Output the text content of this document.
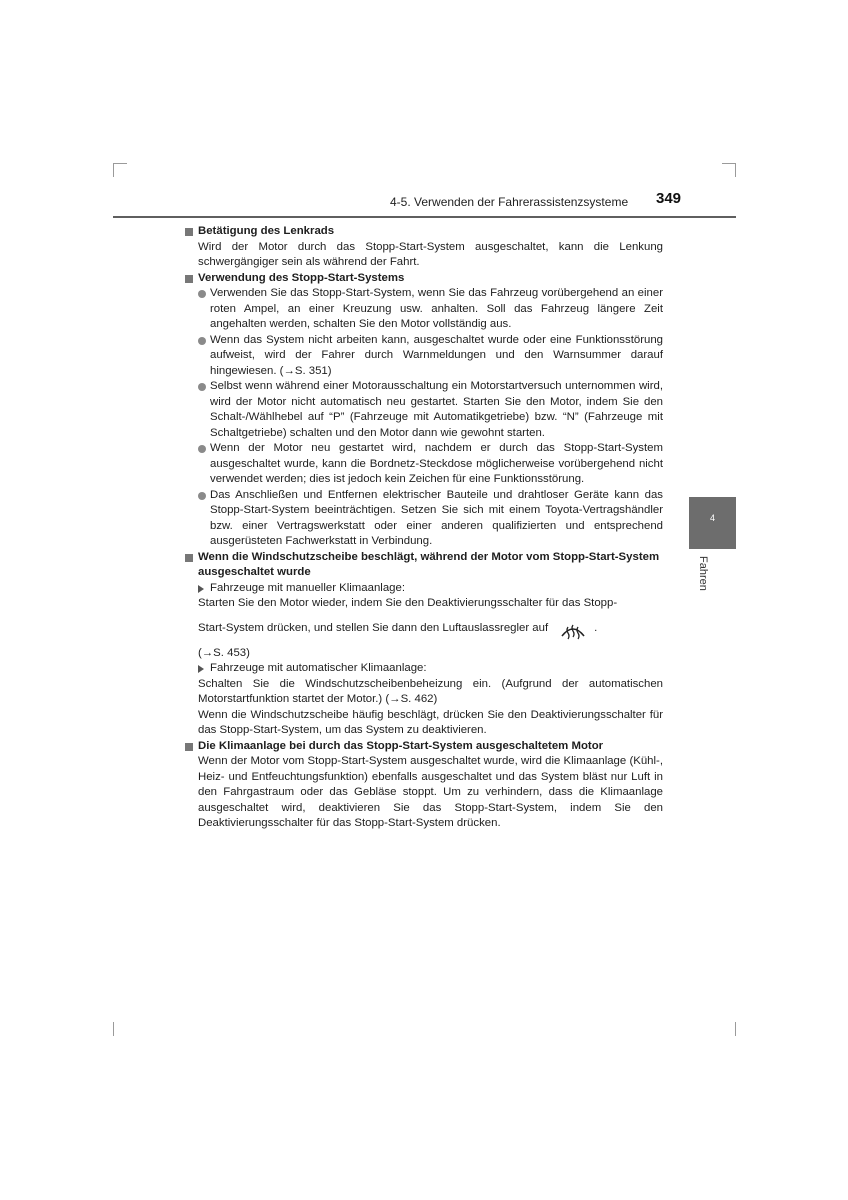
4-5. Verwenden der Fahrerassistenzsysteme 349
4
Fahren

Betätigung des Lenkrads

Wird der Motor durch das Stopp-Start-System ausgeschaltet, kann die Lenkung schwergängiger sein als während der Fahrt.

Verwendung des Stopp-Start-Systems

Verwenden Sie das Stopp-Start-System, wenn Sie das Fahrzeug vorübergehend an einer roten Ampel, an einer Kreuzung usw. anhalten. Soll das Fahrzeug längere Zeit angehalten werden, schalten Sie den Motor vollständig aus.

Wenn das System nicht arbeiten kann, ausgeschaltet wurde oder eine Funktionsstörung aufweist, wird der Fahrer durch Warnmeldungen und den Warnsummer darauf hingewiesen. (→S. 351)

Selbst wenn während einer Motorausschaltung ein Motorstartversuch unternommen wird, wird der Motor nicht automatisch neu gestartet. Starten Sie den Motor, indem Sie den Schalt-/Wählhebel auf “P” (Fahrzeuge mit Automatikgetriebe) bzw. “N” (Fahrzeuge mit Schaltgetriebe) schalten und den Motor dann wie gewohnt starten.

Wenn der Motor neu gestartet wird, nachdem er durch das Stopp-Start-System ausgeschaltet wurde, kann die Bordnetz-Steckdose möglicherweise vorübergehend nicht verwendet werden; dies ist jedoch kein Zeichen für eine Funktionsstörung.

Das Anschließen und Entfernen elektrischer Bauteile und drahtloser Geräte kann das Stopp-Start-System beeinträchtigen. Setzen Sie sich mit einem Toyota-Vertragshändler bzw. einer Vertragswerkstatt oder einer anderen qualifizierten und entsprechend ausgerüsteten Fachwerkstatt in Verbindung.

Wenn die Windschutzscheibe beschlägt, während der Motor vom Stopp-Start-System ausgeschaltet wurde

Fahrzeuge mit manueller Klimaanlage:

Starten Sie den Motor wieder, indem Sie den Deaktivierungsschalter für das Stopp-

Start-System drücken, und stellen Sie dann den Luftauslassregler auf	.

(→S. 453)

Fahrzeuge mit automatischer Klimaanlage:

Schalten Sie die Windschutzscheibenbeheizung ein. (Aufgrund der automatischen Motorstartfunktion startet der Motor.) (→S. 462)

Wenn die Windschutzscheibe häufig beschlägt, drücken Sie den Deaktivierungsschalter für das Stopp-Start-System, um das System zu deaktivieren.

Die Klimaanlage bei durch das Stopp-Start-System ausgeschaltetem Motor

Wenn der Motor vom Stopp-Start-System ausgeschaltet wurde, wird die Klimaanlage (Kühl-, Heiz- und Entfeuchtungsfunktion) ebenfalls ausgeschaltet und das System bläst nur Luft in den Fahrgastraum oder das Gebläse stoppt. Um zu verhindern, dass die Klimaanlage ausgeschaltet wird, deaktivieren Sie das Stopp-Start-System, indem Sie den Deaktivierungsschalter für das Stopp-Start-System drücken.
